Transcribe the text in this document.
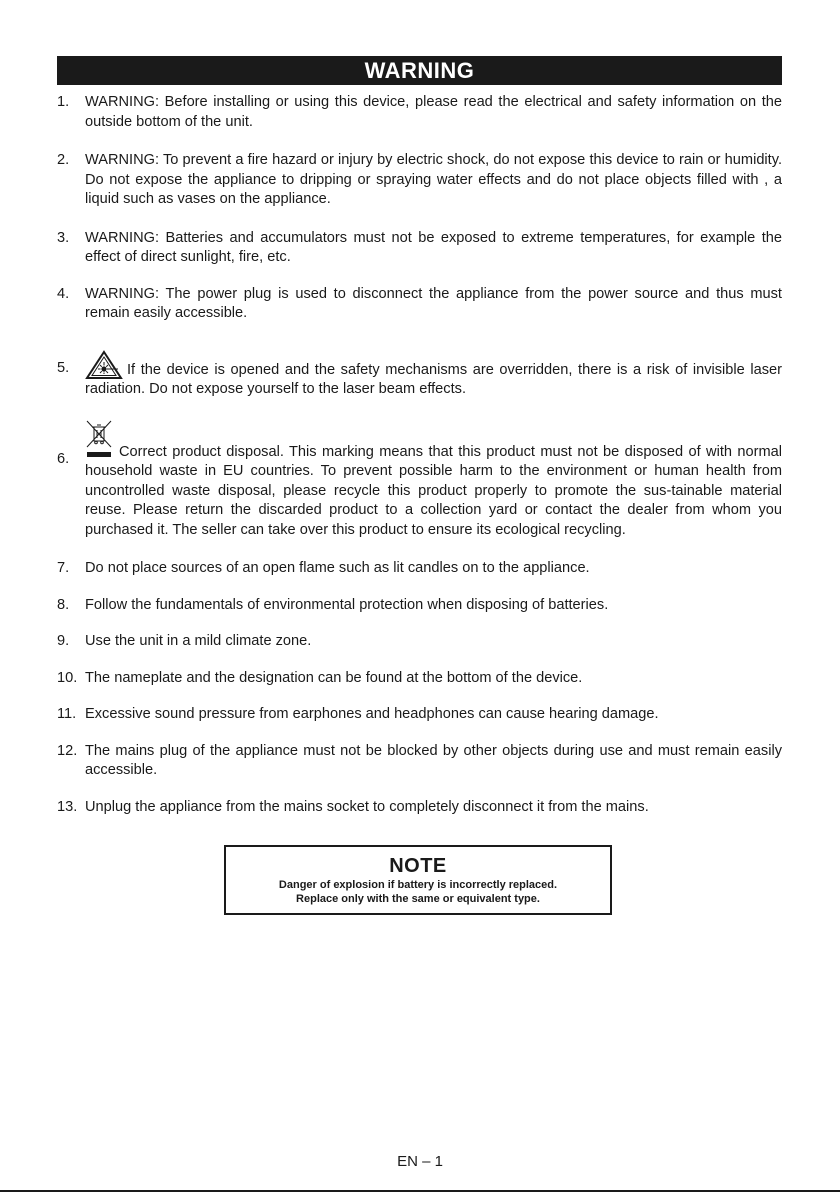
WARNING
1.	WARNING: Before installing or using this device, please read the electrical and safety information on the outside bottom of the unit.
2.	WARNING: To prevent a fire hazard or injury by electric shock, do not expose this device to rain or humidity. Do not expose the appliance to dripping or spraying water effects and do not place objects filled with , a liquid such as vases on the appliance.
3.	WARNING: Batteries and accumulators must not be exposed to extreme temperatures, for example the effect of direct sunlight, fire, etc.
4.	WARNING: The power plug is used to disconnect the appliance from the power source and thus must remain easily accessible.
5.	If the device is opened and the safety mechanisms are overridden, there is a risk of invisible laser radiation. Do not expose yourself to the laser beam effects.
6.	Correct product disposal. This marking means that this product must not be disposed of with normal household waste in EU countries. To prevent possible harm to the environment or human health from uncontrolled waste disposal, please recycle this product properly to promote the sus-tainable material reuse. Please return the discarded product to a collection yard or contact the dealer from whom you purchased it. The seller can take over this product to ensure its ecological recycling.
7.	Do not place sources of an open flame such as lit candles on to the appliance.
8.	Follow the fundamentals of environmental protection when disposing of batteries.
9.	Use the unit in a mild climate zone.
10. The nameplate and the designation can be found at the bottom of the device.
11. Excessive sound pressure from earphones and headphones can cause hearing damage.
12. The mains plug of the appliance must not be blocked by other objects during use and must remain easily accessible.
13. Unplug the appliance from the mains socket to completely disconnect it from the mains.
NOTE
Danger of explosion if battery is incorrectly replaced.
Replace only with the same or equivalent type.
EN – 1
